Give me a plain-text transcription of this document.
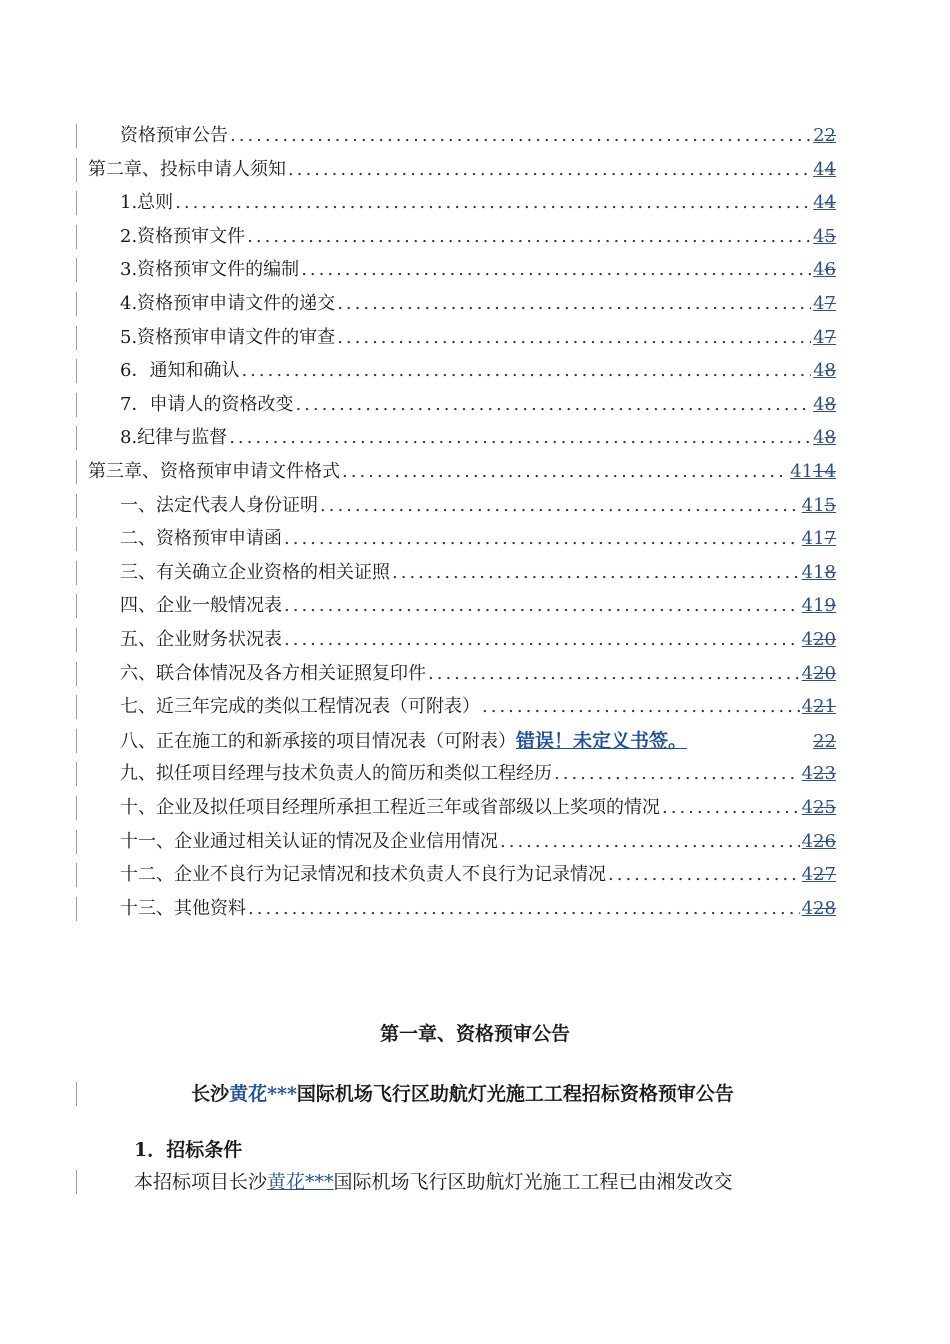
资格预审公告 .....	22
第二章、投标申请人须知 .....	44
1.总则 .....	44
2.资格预审文件 .....	45
3.资格预审文件的编制 .....	46
4.资格预审申请文件的递交 .....	47
5.资格预审申请文件的审查 .....	47
6．通知和确认 .....	48
7．申请人的资格改变 .....	48
8.纪律与监督 .....	48
第三章、资格预审申请文件格式 .....	4114
一、法定代表人身份证明 .....	415
二、资格预审申请函 .....	417
三、有关确立企业资格的相关证照 .....	418
四、企业一般情况表 .....	419
五、企业财务状况表 .....	420
六、联合体情况及各方相关证照复印件 .....	420
七、近三年完成的类似工程情况表（可附表） .....	421
八、正在施工的和新承接的项目情况表（可附表） 错误！未定义书签。	22
九、拟任项目经理与技术负责人的简历和类似工程经历 .....	423
十、企业及拟任项目经理所承担工程近三年或省部级以上奖项的情况 .....	425
十一、企业通过相关认证的情况及企业信用情况 .....	426
十二、企业不良行为记录情况和技术负责人不良行为记录情况 .....	427
十三、其他资料 .....	428
第一章、资格预审公告
长沙黄花***国际机场飞行区助航灯光施工工程招标资格预审公告
1．招标条件
本招标项目长沙黄花***国际机场飞行区助航灯光施工工程已由湘发改交
